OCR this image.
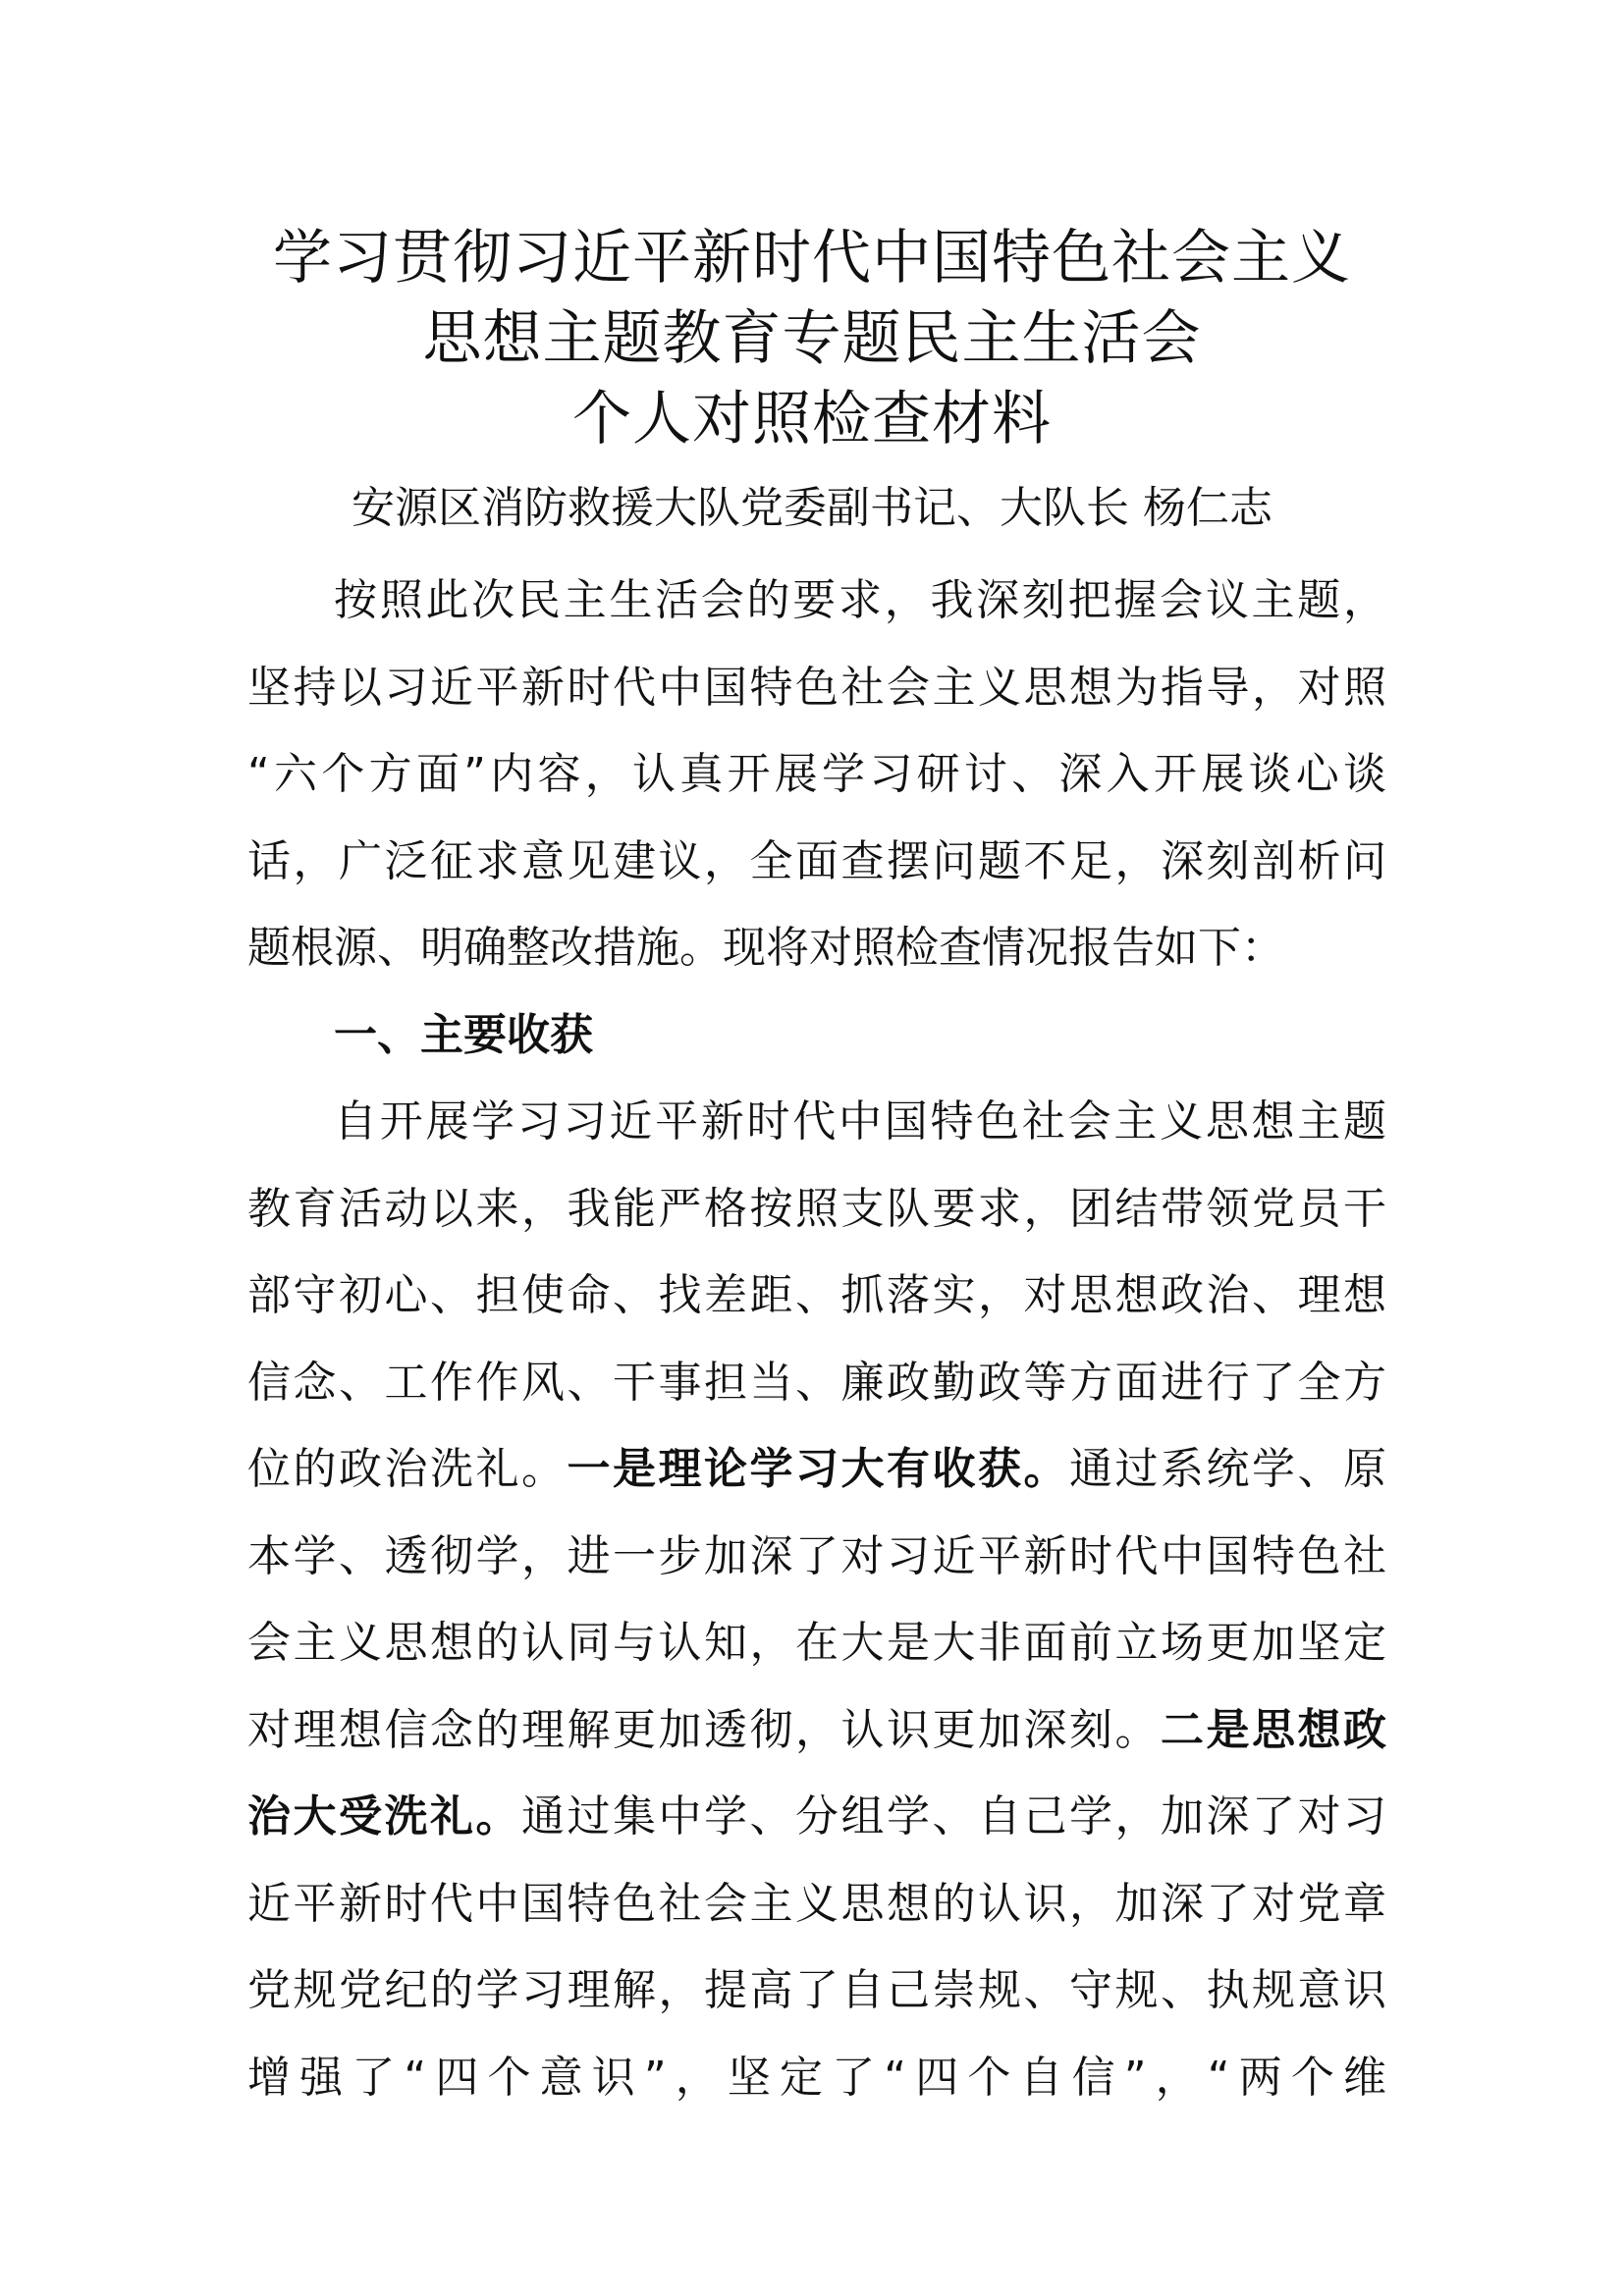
学习贯彻习近平新时代中国特色社会主义
思想主题教育专题民主生活会
个人对照检查材料
安源区消防救援大队党委副书记、大队长 杨仁志
按照此次民主生活会的要求，我深刻把握会议主题，
坚持以习近平新时代中国特色社会主义思想为指导，对照
“六个方面”内容，认真开展学习研讨、深入开展谈心谈
话，广泛征求意见建议，全面查摆问题不足，深刻剖析问
题根源、明确整改措施。现将对照检查情况报告如下：
一、主要收获
自开展学习习近平新时代中国特色社会主义思想主题
教育活动以来，我能严格按照支队要求，团结带领党员干
部守初心、担使命、找差距、抓落实，对思想政治、理想
信念、工作作风、干事担当、廉政勤政等方面进行了全方
位的政治洗礼。一是理论学习大有收获。通过系统学、原
本学、透彻学，进一步加深了对习近平新时代中国特色社
会主义思想的认同与认知，在大是大非面前立场更加坚定
对理想信念的理解更加透彻，认识更加深刻。二是思想政
治大受洗礼。通过集中学、分组学、自己学，加深了对习
近平新时代中国特色社会主义思想的认识，加深了对党章
党规党纪的学习理解，提高了自己崇规、守规、执规意识
增强了“四个意识”，坚定了“四个自信”，“两个维
